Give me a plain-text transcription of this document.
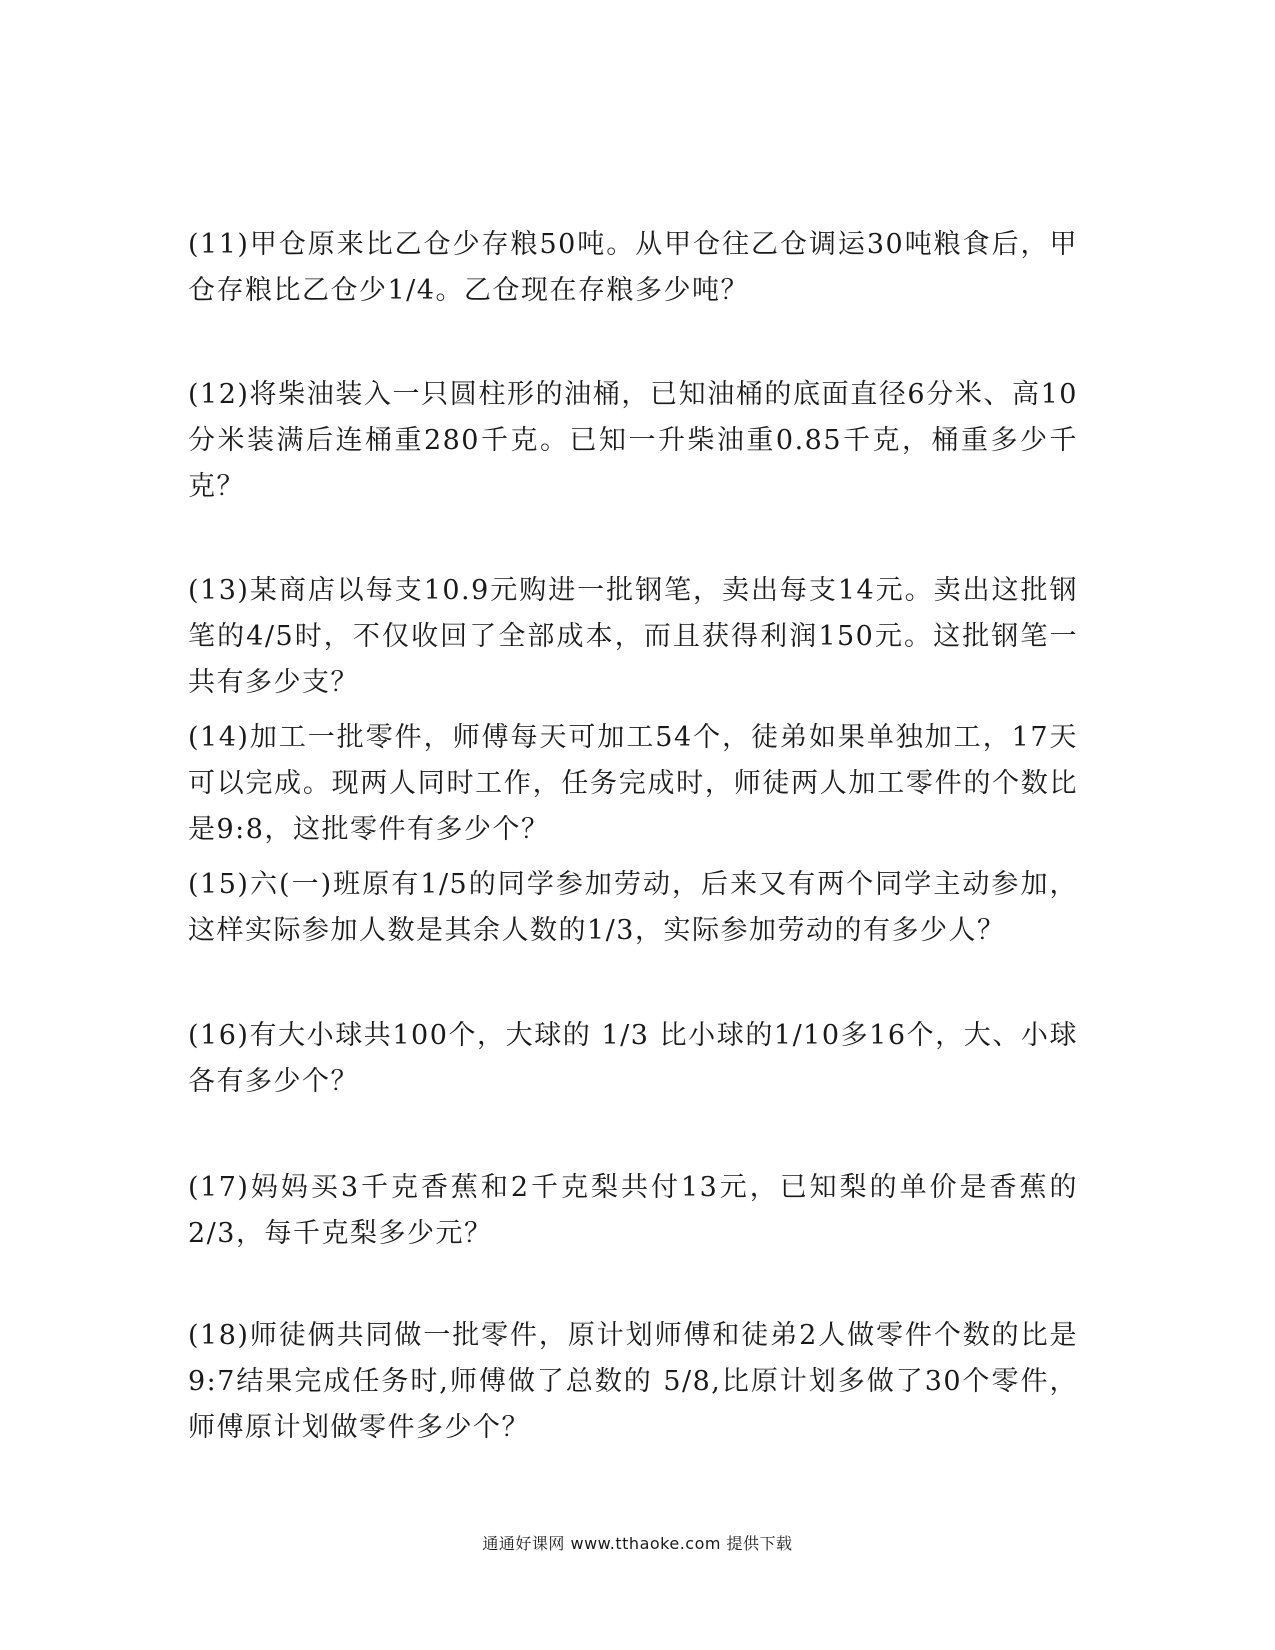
(11)甲仓原来比乙仓少存粮50吨。从甲仓往乙仓调运30吨粮食后，甲仓存粮比乙仓少1/4。乙仓现在存粮多少吨？

(12)将柴油装入一只圆柱形的油桶，已知油桶的底面直径6分米、高10分米装满后连桶重280千克。已知一升柴油重0.85千克，桶重多少千克？

(13)某商店以每支10.9元购进一批钢笔，卖出每支14元。卖出这批钢笔的4/5时，不仅收回了全部成本，而且获得利润150元。这批钢笔一共有多少支？

(14)加工一批零件，师傅每天可加工54个，徒弟如果单独加工，17天可以完成。现两人同时工作，任务完成时，师徒两人加工零件的个数比是9:8，这批零件有多少个？

(15)六(一)班原有1/5的同学参加劳动，后来又有两个同学主动参加，这样实际参加人数是其余人数的1/3，实际参加劳动的有多少人？

(16)有大小球共100个，大球的 1/3 比小球的1/10多16个，大、小球各有多少个？

(17)妈妈买3千克香蕉和2千克梨共付13元，已知梨的单价是香蕉的2/3，每千克梨多少元？

(18)师徒俩共同做一批零件，原计划师傅和徒弟2人做零件个数的比是9:7结果完成任务时,师傅做了总数的 5/8,比原计划多做了30个零件，师傅原计划做零件多少个？

通通好课网 www.tthaoke.com 提供下载
